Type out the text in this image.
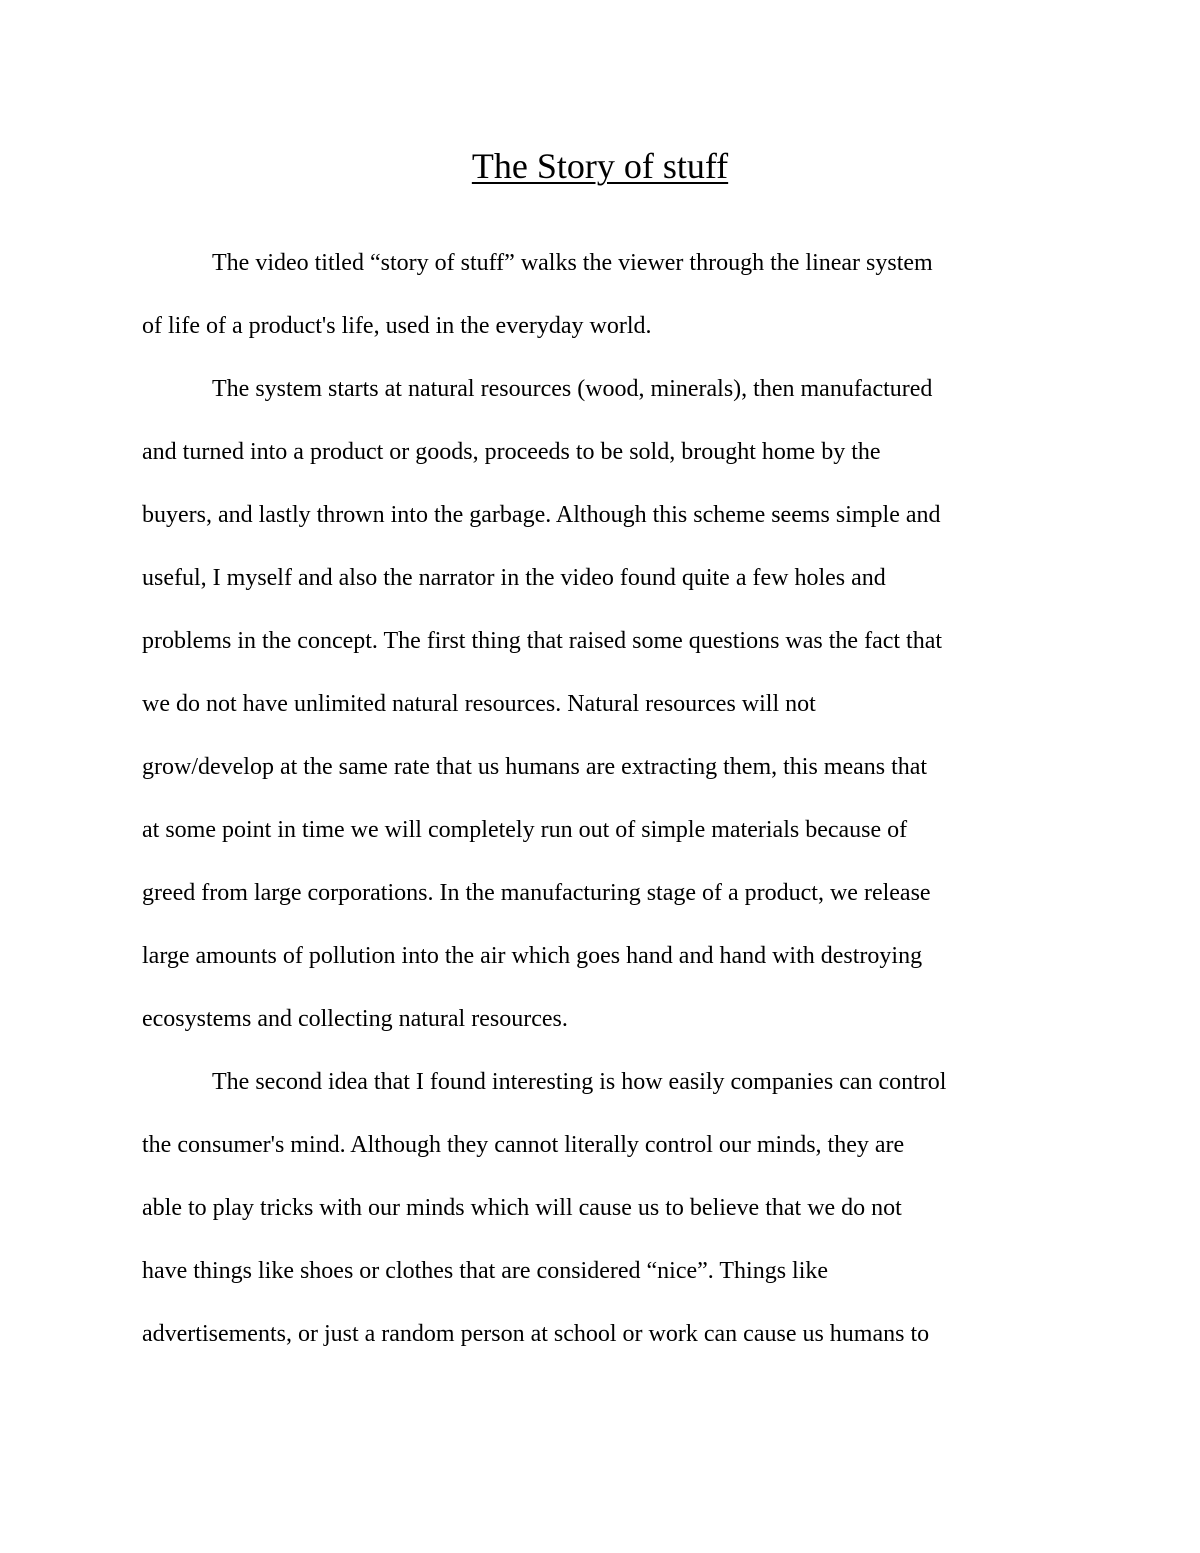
The Story of stuff

The video titled “story of stuff” walks the viewer through the linear system

of life of a product's life, used in the everyday world.

The system starts at natural resources (wood, minerals), then manufactured

and turned into a product or goods, proceeds to be sold, brought home by the

buyers, and lastly thrown into the garbage. Although this scheme seems simple and

useful, I myself and also the narrator in the video found quite a few holes and

problems in the concept. The first thing that raised some questions was the fact that

we do not have unlimited natural resources. Natural resources will not

grow/develop at the same rate that us humans are extracting them, this means that

at some point in time we will completely run out of simple materials because of

greed from large corporations. In the manufacturing stage of a product, we release

large amounts of pollution into the air which goes hand and hand with destroying

ecosystems and collecting natural resources.

The second idea that I found interesting is how easily companies can control

the consumer's mind. Although they cannot literally control our minds, they are

able to play tricks with our minds which will cause us to believe that we do not

have things like shoes or clothes that are considered “nice”. Things like

advertisements, or just a random person at school or work can cause us humans to
